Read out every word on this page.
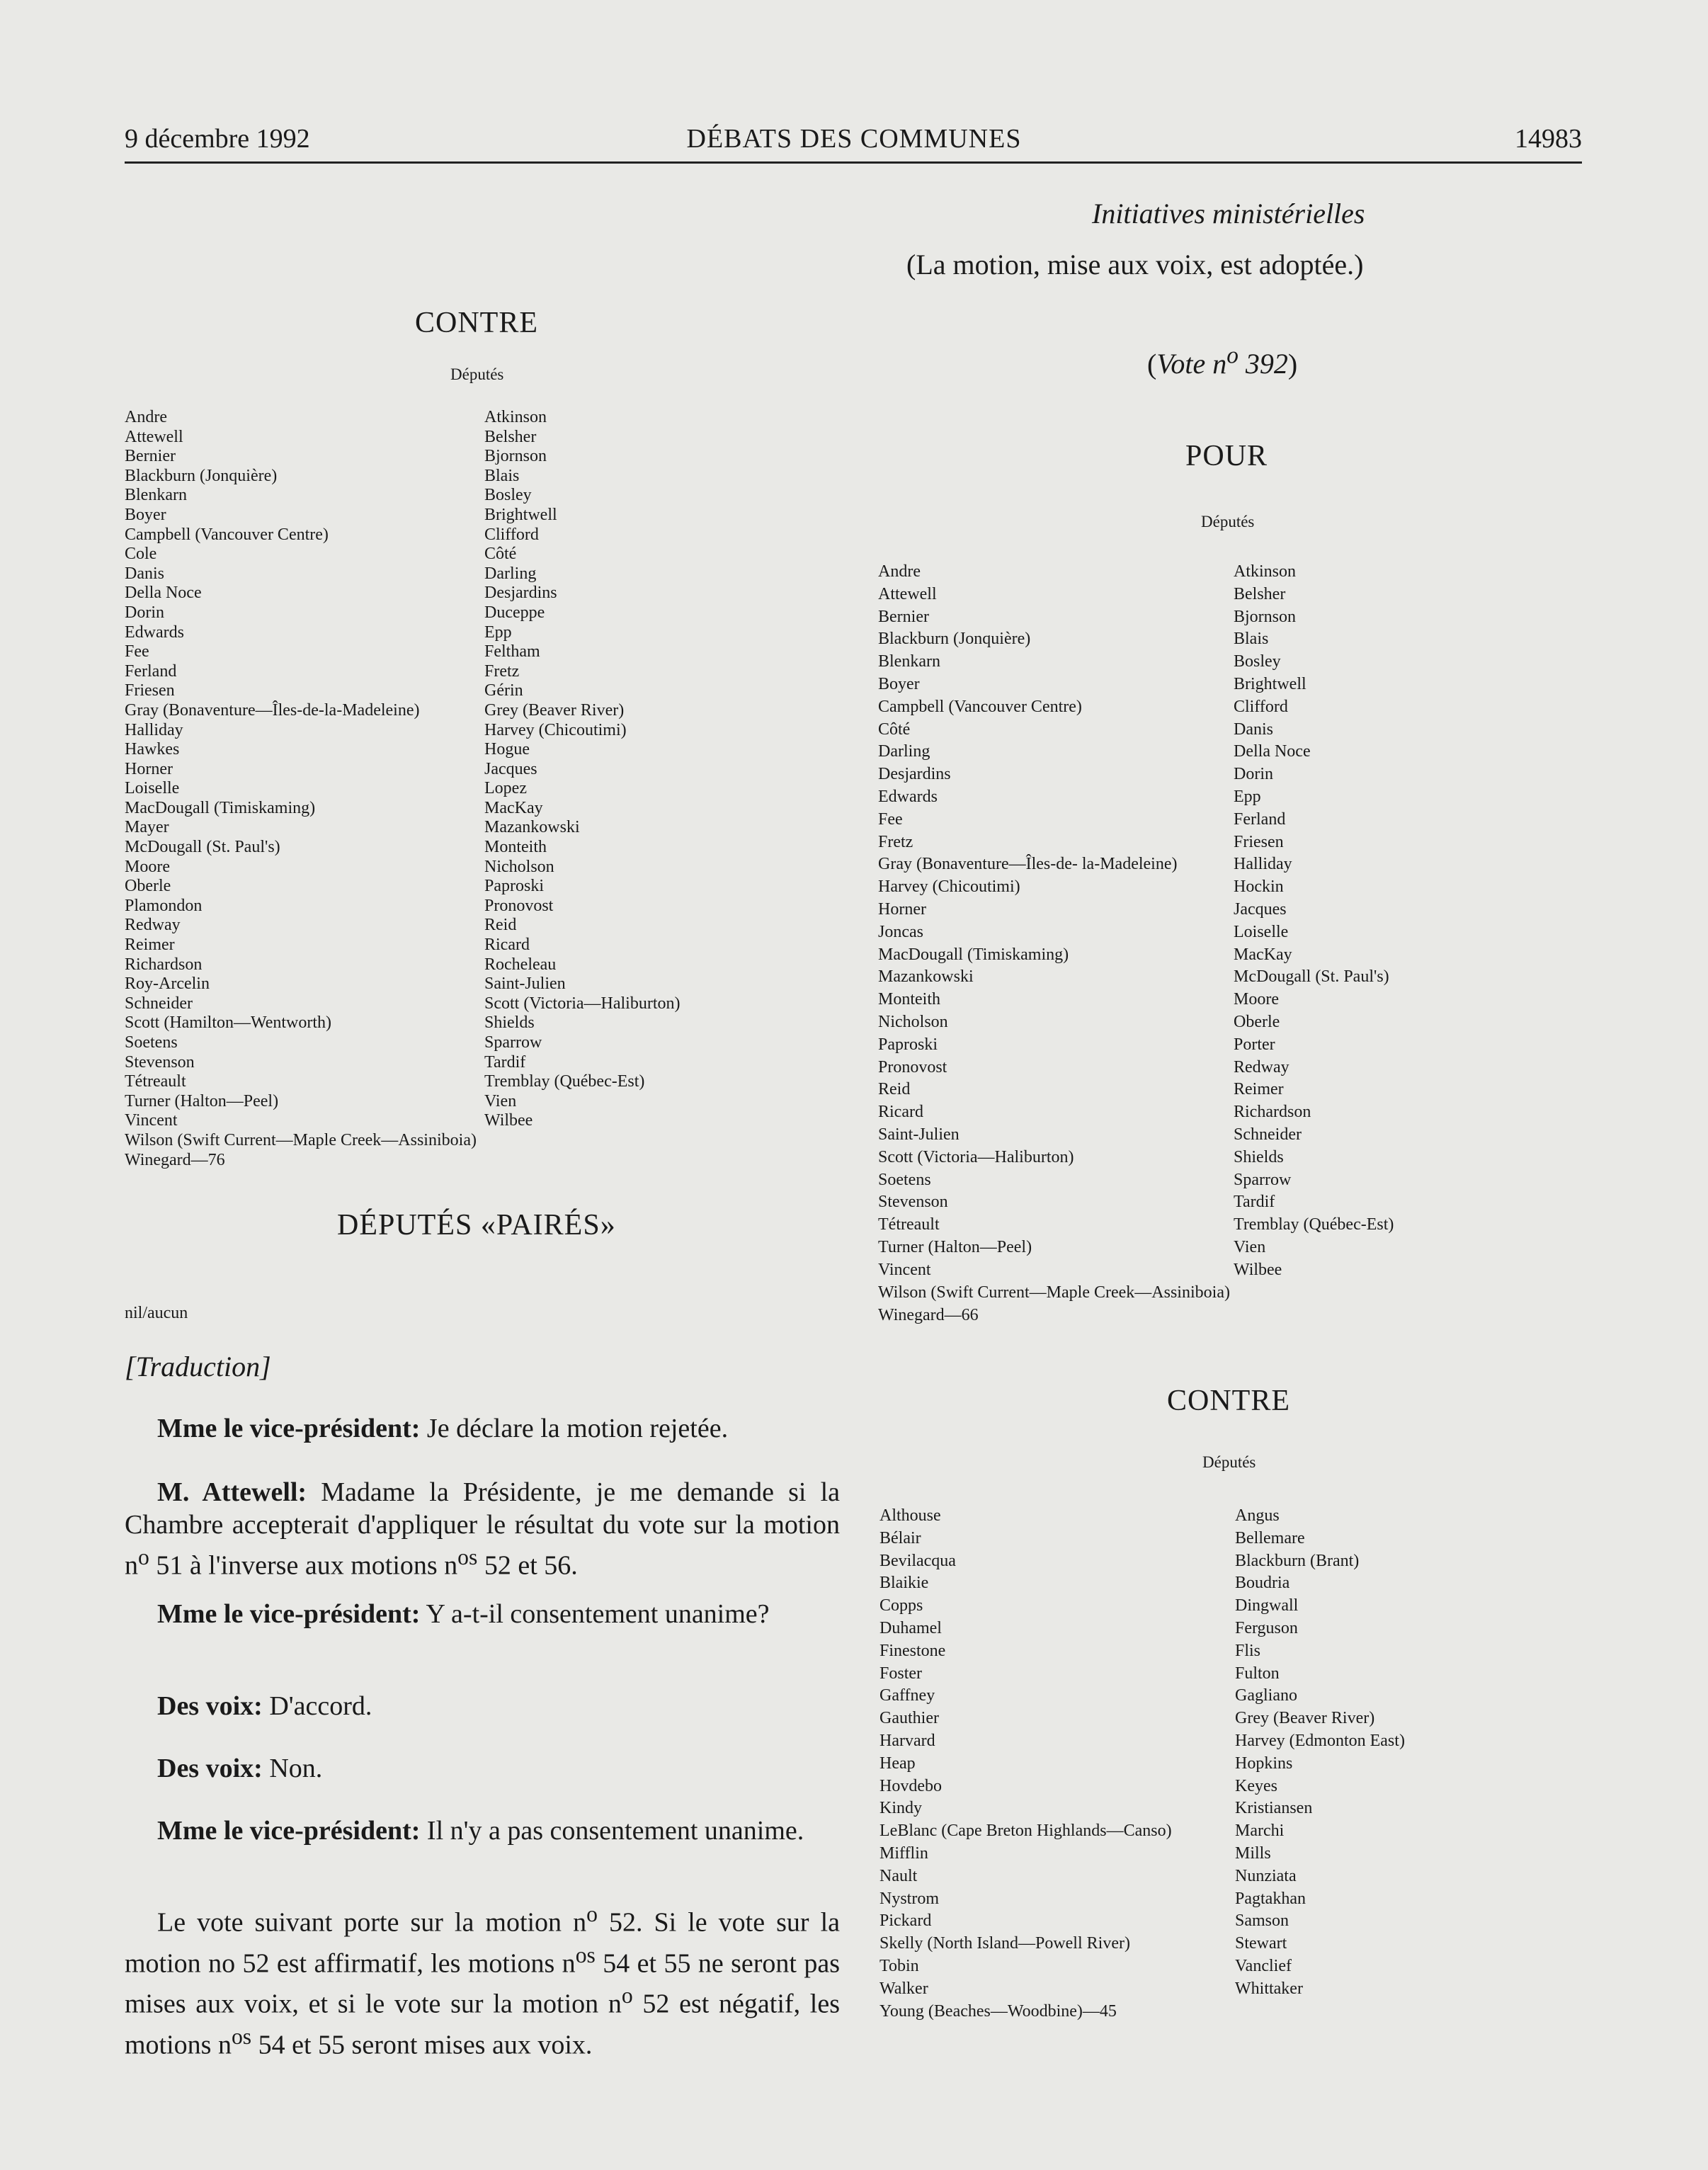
9 décembre 1992	DÉBATS DES COMMUNES	14983
CONTRE
Députés
Andre
Attewell
Bernier
Blackburn (Jonquière)
Blenkarn
Boyer
Campbell (Vancouver Centre)
Cole
Danis
Della Noce
Dorin
Edwards
Fee
Ferland
Friesen
Gray (Bonaventure—Îles-de-la-Madeleine)
Halliday
Hawkes
Horner
Loiselle
MacDougall (Timiskaming)
Mayer
McDougall (St. Paul's)
Moore
Oberle
Plamondon
Redway
Reimer
Richardson
Roy-Arcelin
Schneider
Scott (Hamilton—Wentworth)
Soetens
Stevenson
Tétreault
Turner (Halton—Peel)
Vincent
Atkinson
Belsher
Bjornson
Blais
Bosley
Brightwell
Clifford
Côté
Darling
Desjardins
Duceppe
Epp
Feltham
Fretz
Gérin
Grey (Beaver River)
Harvey (Chicoutimi)
Hogue
Jacques
Lopez
MacKay
Mazankowski
Monteith
Nicholson
Paproski
Pronovost
Reid
Ricard
Rocheleau
Saint-Julien
Scott (Victoria—Haliburton)
Shields
Sparrow
Tardif
Tremblay (Québec-Est)
Vien
Wilbee
Wilson (Swift Current—Maple Creek—Assiniboia)
Winegard—76
DÉPUTÉS «PAIRÉS»
nil/aucun
[Traduction]

Mme le vice-président: Je déclare la motion rejetée.

M. Attewell: Madame la Présidente, je me demande si la Chambre accepterait d'appliquer le résultat du vote sur la motion $n^o$ 51 à l'inverse aux motions $n^{os}$ 52 et 56.

Mme le vice-président: Y a-t-il consentement unanime?

Des voix: D'accord.

Des voix: Non.

Mme le vice-président: Il n'y a pas consentement unanime.

Le vote suivant porte sur la motion $n^o$ 52. Si le vote sur la motion no 52 est affirmatif, les motions $n^{os}$ 54 et 55 ne seront pas mises aux voix, et si le vote sur la motion $n^o$ 52 est négatif, les motions $n^{os}$ 54 et 55 seront mises aux voix.

Initiatives ministérielles
(La motion, mise aux voix, est adoptée.)
(Vote $n^o$ 392)
POUR
Députés
Andre
Attewell
Bernier
Blackburn (Jonquière)
Blenkarn
Boyer
Campbell (Vancouver Centre)
Côté
Darling
Desjardins
Edwards
Fee
Fretz
Gray (Bonaventure—Îles-de- la-Madeleine)
Harvey (Chicoutimi)
Horner
Joncas
MacDougall (Timiskaming)
Mazankowski
Monteith
Nicholson
Paproski
Pronovost
Reid
Ricard
Saint-Julien
Scott (Victoria—Haliburton)
Soetens
Stevenson
Tétreault
Turner (Halton—Peel)
Vincent
Atkinson
Belsher
Bjornson
Blais
Bosley
Brightwell
Clifford
Danis
Della Noce
Dorin
Epp
Ferland
Friesen
Halliday
Hockin
Jacques
Loiselle
MacKay
McDougall (St. Paul's)
Moore
Oberle
Porter
Redway
Reimer
Richardson
Schneider
Shields
Sparrow
Tardif
Tremblay (Québec-Est)
Vien
Wilbee
Wilson (Swift Current—Maple Creek—Assiniboia)
Winegard—66
CONTRE
Députés
Althouse
Bélair
Bevilacqua
Blaikie
Copps
Duhamel
Finestone
Foster
Gaffney
Gauthier
Harvard
Heap
Hovdebo
Kindy
LeBlanc (Cape Breton Highlands—Canso)
Mifflin
Nault
Nystrom
Pickard
Skelly (North Island—Powell River)
Tobin
Walker
Young (Beaches—Woodbine)—45
Angus
Bellemare
Blackburn (Brant)
Boudria
Dingwall
Ferguson
Flis
Fulton
Gagliano
Grey (Beaver River)
Harvey (Edmonton East)
Hopkins
Keyes
Kristiansen
Marchi
Mills
Nunziata
Pagtakhan
Samson
Stewart
Vanclief
Whittaker
